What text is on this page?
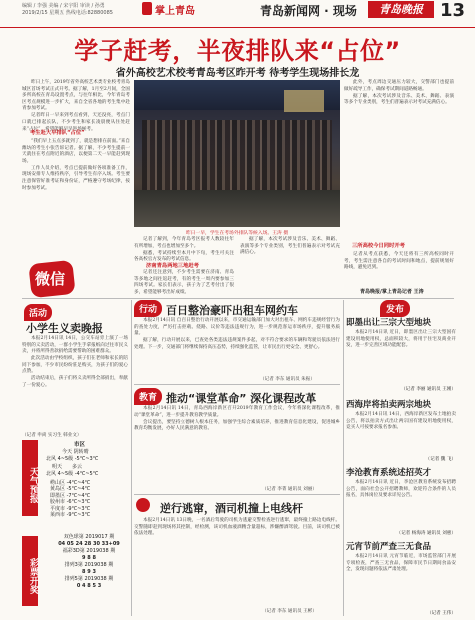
编辑 / 李强 美编 / 宋宇阳 审读 / 孙勇
2019/2/15 星期五 热线电话:82880085	掌上青岛	青岛新闻网 · 现场	青岛晚报 13
学子赶考，半夜排队来“占位”
省外高校艺术校考青岛考区昨开考 待考学生现场排长龙

昨日上午，2019年省外高校艺术类专业校考青岛城区首场考试正式开考。据了解，1月至2月间，全国多所高校在青岛设置考点，与往年相比，今年青岛考区考点规模进一步扩大，来自全省各地的考生集中赴青参加考试。

记者昨日一早来到考点看到，天还没亮，考点门口就已排起长队，不少考生和家长凌晨便从住处赶来“占位”，希望能够早早进场候考。

考生赴大早排队“占位”

“我们早上五点多就到了，就是想排在前面。”来自潍坊的考生小张告诉记者。据了解，不少考生提前一天就住在考点附近的酒店，以便第二天一早能赶到现场。

工作人员介绍，考点已提前做好各项准备工作，现场安排专人维持秩序，引导考生有序入场。考生要注意保管好准考证和身份证，严格遵守考场纪律，按时参加考试。

昨日一早，学生在考场外排队等候入场。王涛 摄

记者了解到，今年青岛考区报考人数较往年有所增加，考点也增加至多个。

据悉，考试持续至本月中下旬，考生可关注各高校官方发布的考试信息。

济南青岛两地三地赶考

记者还注意到，不少考生需要在济南、青岛等多地之间往返赶考，有的考生一周内要参加三四场考试。家长们表示，孩子为了艺考付出了很多，希望能够考出好成绩。

据了解，本次考试涉及音乐、美术、舞蹈、表演等多个专业类别，考生们普遍表示对考试充满信心。

此外，考点周边交通压力较大，交警部门也提前做好疏导工作，确保考试期间道路畅通。

据了解，本次考试涉及音乐、美术、舞蹈、表演等多个专业类别，考生们普遍表示对考试充满信心。

三所高校今日同时开考

记者从考点获悉，今天还将有三所高校同时开考，考生需注意各自的考试时间和地点，提前规划好路线，避免迟到。

青岛晚报/掌上青岛记者 王涛
微信
活动
小学生义卖晚报

本报2月14日讯 14日，公交车站旁上演了一场特别的义卖活动，一群小学生手拿报纸向过往市民义卖，并将所得善款捐给需要帮助的困难群众。

此次活动由学校组织，孩子们在老师和家长的陪同下参加，不少市民纷纷驻足购买，为孩子们的爱心点赞。

活动结束后，孩子们将义卖所得全部捐出，奉献了一份爱心。

（记者 申尚 实习生 韩业文）
天气预报
市区
今天 阴转晴
北风 4~5级 -5℃~3℃
明天 多云
北风 4~5级 -4℃~5℃
崂山区 -4℃~4℃
黄岛区 -5℃~4℃
即墨区 -7℃~4℃
胶州市 -6℃~3℃
平度市 -9℃~3℃
莱西市 -9℃~3℃
彩票开奖
双色球第 2019017 期
04 05 24 28 30 33+09
福彩3D第 2019038 期
9 8 8
排列3第 2019038 期
8 9 3
排列5第 2019038 期
0 4 8 5 3
行动 百日整治豪吓出租车网约车

本报2月14日讯 自百日整治行动开展以来，市交通运输部门加大对出租车、网约车违规经营行为的查处力度，严厉打击拒载、绕路、议价等违法违规行为，进一步规范客运市场秩序，提升服务质量。

据了解，行动开展以来，已查处各类违法违规案件多起，对不符合要求的车辆和驾驶员依法进行处理。下一步，交通部门将继续保持高压态势，持续强化监管，让市民出行更安全、更舒心。

（记者 李东 通讯员 朱振）
教育 推动“课堂革命” 深化课程改革

本报2月14日讯 14日，青岛西海岸新区召开2019年教育工作会议，今年将深化课程改革，推动“课堂革命”，进一步提升教育教学质量。

会议提出，要坚持立德树人根本任务，加强学生综合素质培养，推进教育信息化建设，促进城乡教育均衡发展，办好人民满意的教育。

（记者 李菁 通讯员 刘丽）
逆行逃窜，酒司机撞上电线杆

本报2月14日讯 13日晚，一名酒后驾驶的司机为逃避交警检查逆行逃窜，最终撞上路边电线杆。交警随即赶到现场将其控制，经检测，该司机血液酒精含量超标，涉嫌醉酒驾驶。目前，该司机已被依法处理。

（记者 李东 通讯员 王彬）
发布
即墨出让三宗大型地块

本报2月14日讯 近日，即墨区出让三宗大型国有建设用地使用权，总面积较大，将用于住宅及商业开发，进一步完善区域功能配套。

（记者 李丽 通讯员 王刚）
西海岸将拍卖两宗地块

本报2月14日讯 14日，西海岸新区发布土地拍卖公告，将以拍卖方式出让两宗国有建设用地使用权，竞买人可按要求报名参加。

（记者 魏 飞）
李沧教育系统述招英才

本报2月14日讯 近日，李沧区教育系统发布招聘公告，面向社会公开招聘教师，欢迎符合条件的人员报名，具体岗位及要求详见公告。

（记者 杨海涛 通讯员 刘惠）
元宵节前严查三无食品

本报2月14日讯 元宵节临近，市场监管部门开展专项检查，严查三无食品，保障市民节日期间食品安全，发现问题将依法严肃处理。

（记者 王伟）
